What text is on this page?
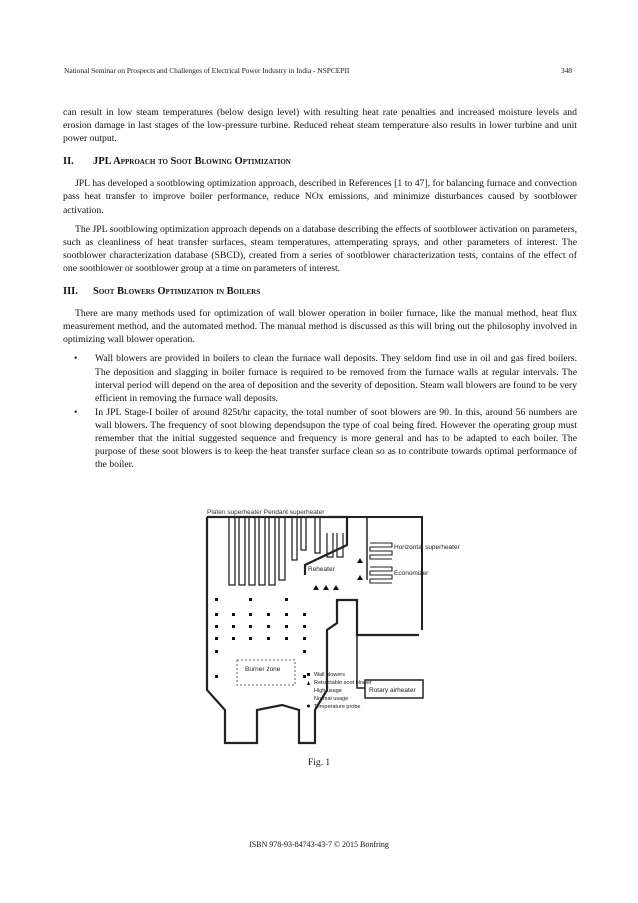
National Seminar on Prospects and Challenges of Electrical Power Industry in India - NSPCEPII	348

can result in low steam temperatures (below design level) with resulting heat rate penalties and increased moisture levels and erosion damage in last stages of the low-pressure turbine. Reduced reheat steam temperature also results in lower turbine and unit power output.

II. JPL Approach to Soot Blowing Optimization

JPL has developed a sootblowing optimization approach, described in References [1 to 47], for balancing furnace and convection pass heat transfer to improve boiler performance, reduce NOx emissions, and minimize disturbances caused by sootblower activation.

The JPL sootblowing optimization approach depends on a database describing the effects of sootblower activation on parameters, such as cleanliness of heat transfer surfaces, steam temperatures, attemperating sprays, and other parameters of interest. The sootblower characterization database (SBCD), created from a series of sootblower characterization tests, contains of the effect of one sootblower or sootblower group at a time on parameters of interest.

III. Soot Blowers Optimization in Boilers

There are many methods used for optimization of wall blower operation in boiler furnace, like the manual method, heat flux measurement method, and the automated method. The manual method is discussed as this will bring out the philosophy involved in optimizing wall blower operation.

• Wall blowers are provided in boilers to clean the furnace wall deposits. They seldom find use in oil and gas fired boilers. The deposition and slagging in boiler furnace is required to be removed from the furnace walls at regular intervals. The interval period will depend on the area of deposition and the severity of deposition. Steam wall blowers are found to be very efficient in removing the furnace wall deposits.
• In JPL Stage-I boiler of around 825t/hr capacity, the total number of soot blowers are 90. In this, around 56 numbers are wall blowers. The frequency of soot blowing dependsupon the type of coal being fired. However the operating group must remember that the initial suggested sequence and frequency is more general and has to be adapted to each boiler. The purpose of these soot blowers is to keep the heat transfer surface clean so as to contribute towards optimal performance of the boiler.
Platen superheater Pendant superheater
Reheater
Horizontal superheater
Economizer
Burner zone
Rotary airheater
Wall blowers
Retractable soot blower
High usage
Normal usage
Temperature probe
Fig. 1
ISBN 978-93-84743-43-7 © 2015 Bonfring
